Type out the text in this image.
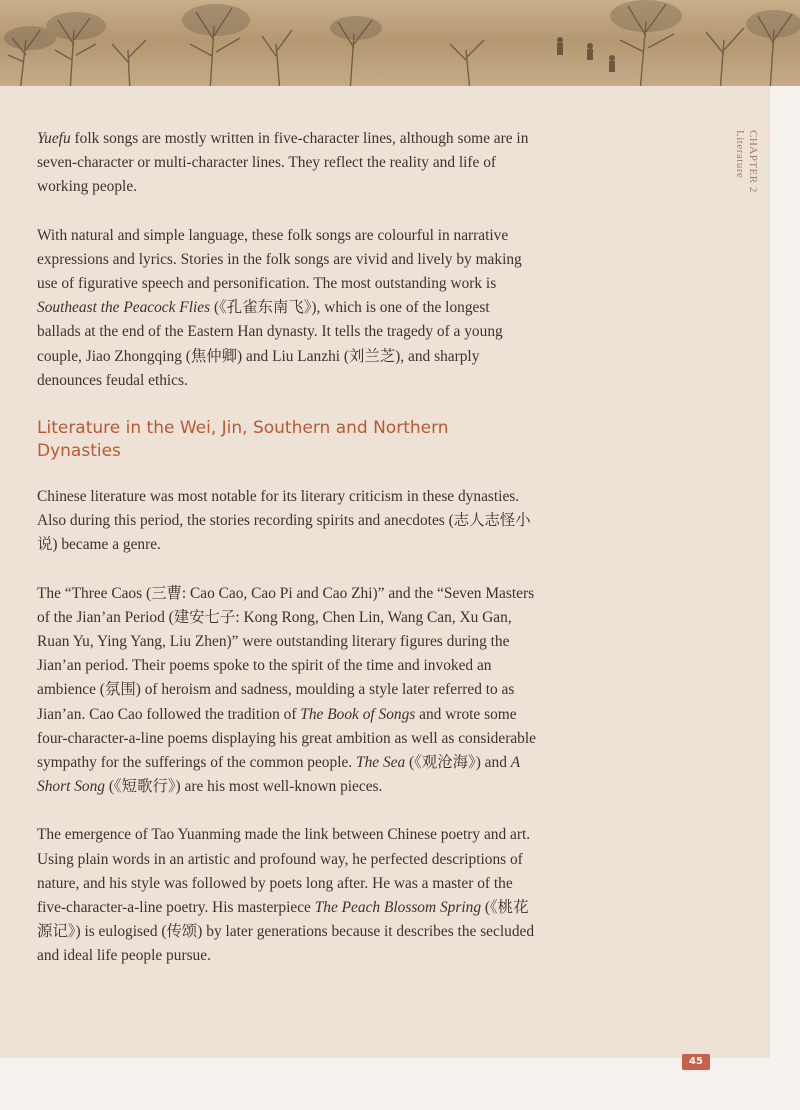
CHAPTER 2
Literature

Yuefu folk songs are mostly written in five-character lines, although some are in seven-character or multi-character lines. They reflect the reality and life of working people.

With natural and simple language, these folk songs are colourful in narrative expressions and lyrics. Stories in the folk songs are vivid and lively by making use of figurative speech and personification. The most outstanding work is Southeast the Peacock Flies (《孔雀东南飞》), which is one of the longest ballads at the end of the Eastern Han dynasty. It tells the tragedy of a young couple, Jiao Zhongqing (焦仲卿) and Liu Lanzhi (刘兰芝), and sharply denounces feudal ethics.

Literature in the Wei, Jin, Southern and Northern Dynasties

Chinese literature was most notable for its literary criticism in these dynasties. Also during this period, the stories recording spirits and anecdotes (志人志怪小说) became a genre.

The “Three Caos (三曹: Cao Cao, Cao Pi and Cao Zhi)” and the “Seven Masters of the Jian’an Period (建安七子: Kong Rong, Chen Lin, Wang Can, Xu Gan, Ruan Yu, Ying Yang, Liu Zhen)” were outstanding literary figures during the Jian’an period. Their poems spoke to the spirit of the time and invoked an ambience (氛围) of heroism and sadness, moulding a style later referred to as Jian’an. Cao Cao followed the tradition of The Book of Songs and wrote some four-character-a-line poems displaying his great ambition as well as considerable sympathy for the sufferings of the common people. The Sea (《观沧海》) and A Short Song (《短歌行》) are his most well-known pieces.

The emergence of Tao Yuanming made the link between Chinese poetry and art. Using plain words in an artistic and profound way, he perfected descriptions of nature, and his style was followed by poets long after. He was a master of the five-character-a-line poetry. His masterpiece The Peach Blossom Spring (《桃花源记》) is eulogised (传颂) by later generations because it describes the secluded and ideal life people pursue.

45
